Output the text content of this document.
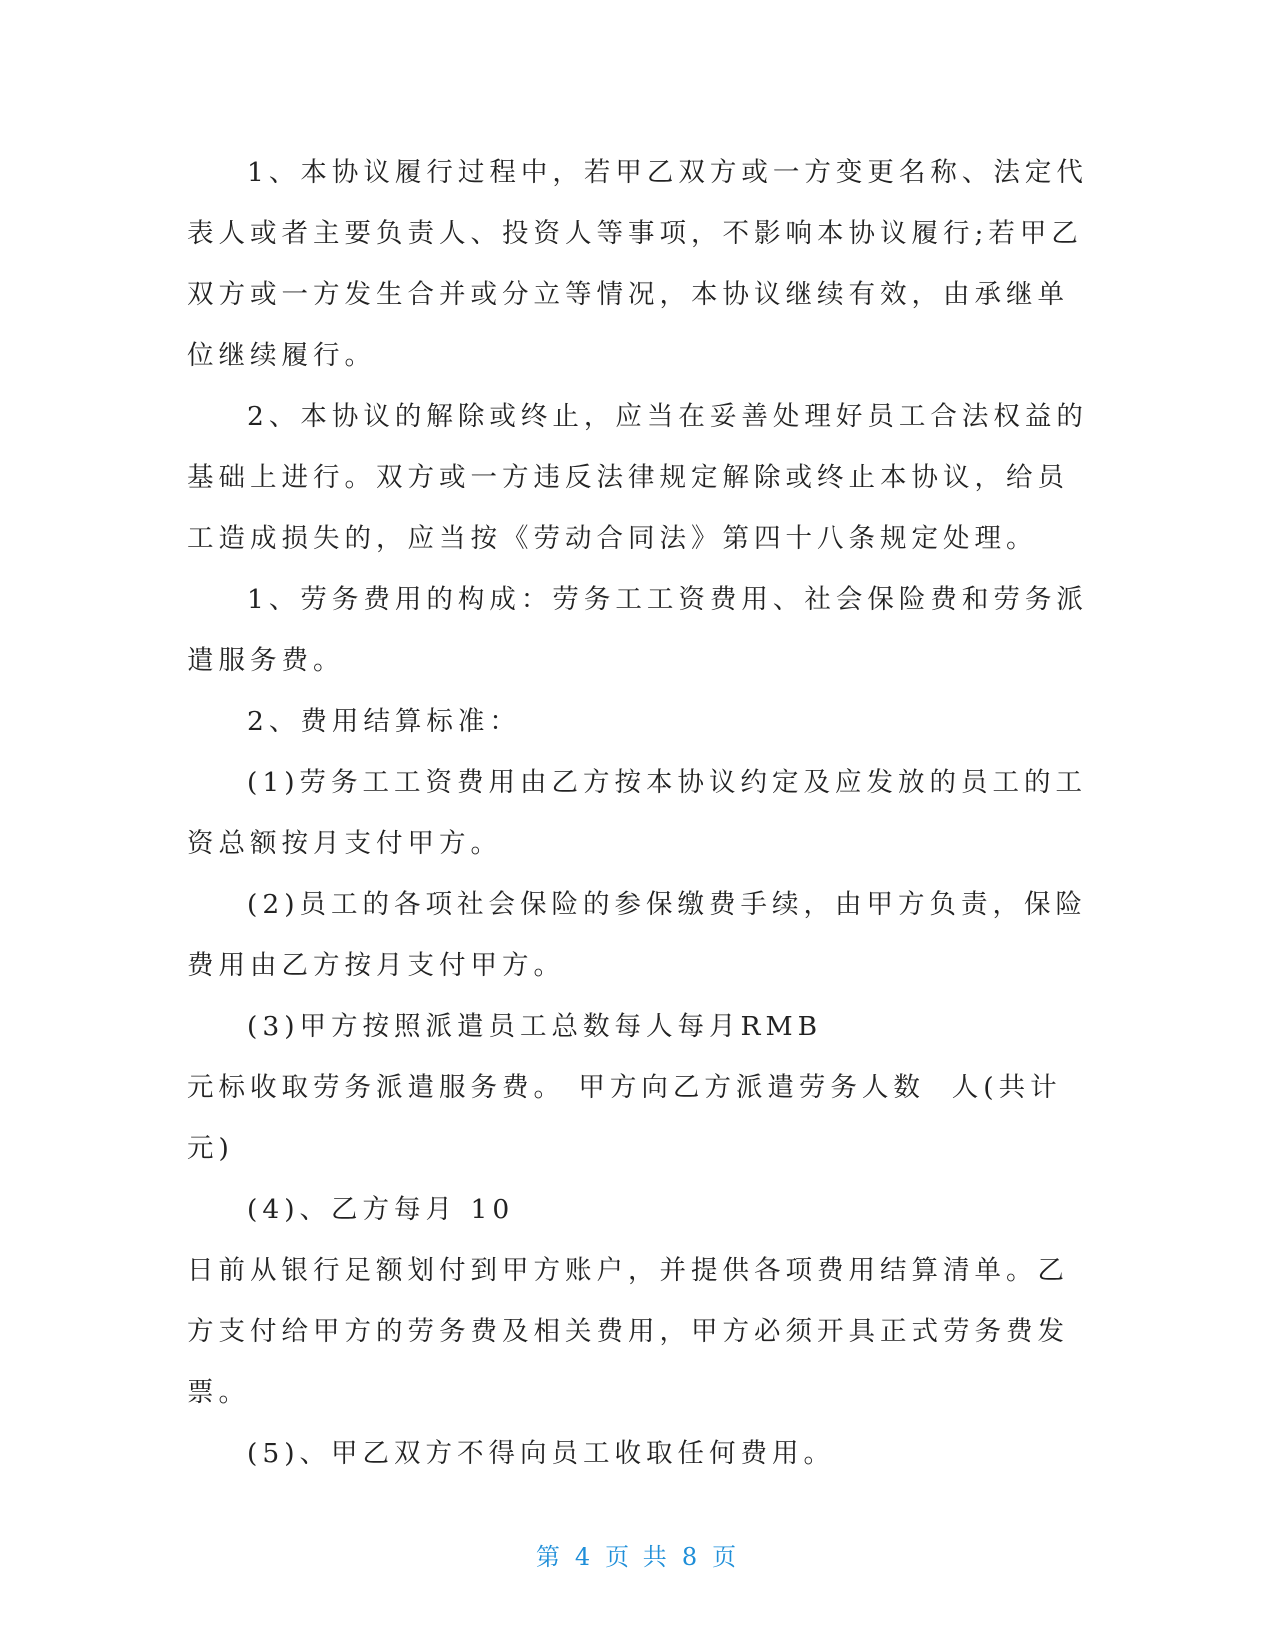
1、本协议履行过程中，若甲乙双方或一方变更名称、法定代
表人或者主要负责人、投资人等事项，不影响本协议履行;若甲乙
双方或一方发生合并或分立等情况，本协议继续有效，由承继单
位继续履行。

2、本协议的解除或终止，应当在妥善处理好员工合法权益的
基础上进行。双方或一方违反法律规定解除或终止本协议，给员
工造成损失的，应当按《劳动合同法》第四十八条规定处理。

1、劳务费用的构成：劳务工工资费用、社会保险费和劳务派
遣服务费。

2、费用结算标准：

(1)劳务工工资费用由乙方按本协议约定及应发放的员工的工
资总额按月支付甲方。

(2)员工的各项社会保险的参保缴费手续，由甲方负责，保险
费用由乙方按月支付甲方。

(3)甲方按照派遣员工总数每人每月RMB
元标收取劳务派遣服务费。 甲方向乙方派遣劳务人数  人(共计
元)

(4)、乙方每月 10
日前从银行足额划付到甲方账户，并提供各项费用结算清单。乙
方支付给甲方的劳务费及相关费用，甲方必须开具正式劳务费发
票。

(5)、甲乙双方不得向员工收取任何费用。

第 4 页 共 8 页
